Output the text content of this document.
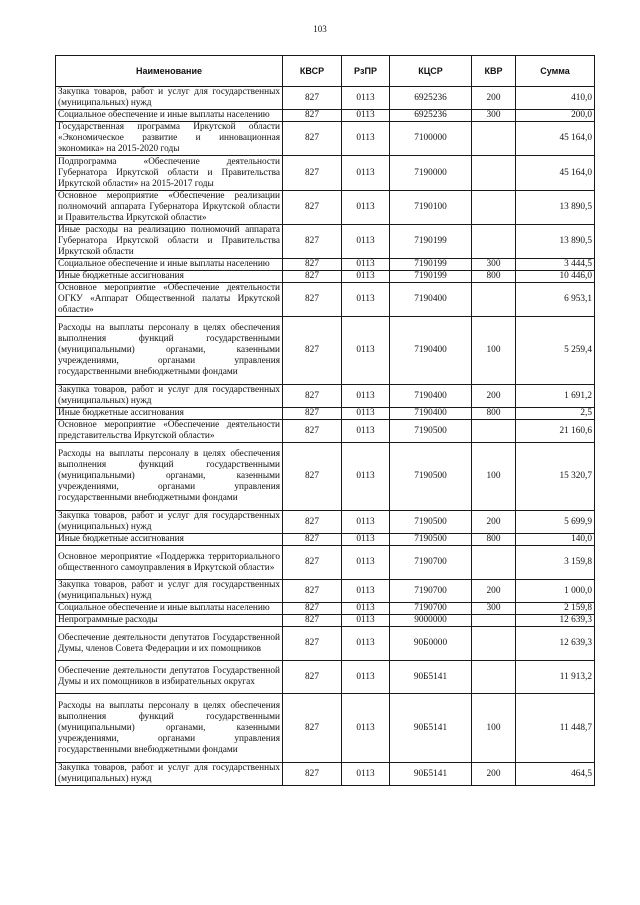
103
Наименование	КВСР	РзПР	КЦСР	КВР	Сумма
Закупка товаров, работ и услуг для государственных (муниципальных) нужд	827	0113	6925236	200	410,0
Социальное обеспечение и иные выплаты населению	827	0113	6925236	300	200,0
Государственная программа Иркутской области «Экономическое развитие и инновационная экономика» на 2015-2020 годы	827	0113	7100000		45 164,0
Подпрограмма «Обеспечение деятельности Губернатора Иркутской области и Правительства Иркутской области» на 2015-2017 годы	827	0113	7190000		45 164,0
Основное мероприятие «Обеспечение реализации полномочий аппарата Губернатора Иркутской области и Правительства Иркутской области»	827	0113	7190100		13 890,5
Иные расходы на реализацию полномочий аппарата Губернатора Иркутской области и Правительства Иркутской области	827	0113	7190199		13 890,5
Социальное обеспечение и иные выплаты населению	827	0113	7190199	300	3 444,5
Иные бюджетные ассигнования	827	0113	7190199	800	10 446,0
Основное мероприятие «Обеспечение деятельности ОГКУ «Аппарат Общественной палаты Иркутской области»	827	0113	7190400		6 953,1
Расходы на выплаты персоналу в целях обеспечения выполнения функций государственными (муниципальными) органами, казенными учреждениями, органами управления государственными внебюджетными фондами	827	0113	7190400	100	5 259,4
Закупка товаров, работ и услуг для государственных (муниципальных) нужд	827	0113	7190400	200	1 691,2
Иные бюджетные ассигнования	827	0113	7190400	800	2,5
Основное мероприятие «Обеспечение деятельности представительства Иркутской области»	827	0113	7190500		21 160,6
Расходы на выплаты персоналу в целях обеспечения выполнения функций государственными (муниципальными) органами, казенными учреждениями, органами управления государственными внебюджетными фондами	827	0113	7190500	100	15 320,7
Закупка товаров, работ и услуг для государственных (муниципальных) нужд	827	0113	7190500	200	5 699,9
Иные бюджетные ассигнования	827	0113	7190500	800	140,0
Основное мероприятие «Поддержка территориального общественного самоуправления в Иркутской области»	827	0113	7190700		3 159,8
Закупка товаров, работ и услуг для государственных (муниципальных) нужд	827	0113	7190700	200	1 000,0
Социальное обеспечение и иные выплаты населению	827	0113	7190700	300	2 159,8
Непрограммные расходы	827	0113	9000000		12 639,3
Обеспечение деятельности депутатов Государственной Думы, членов Совета Федерации и их помощников	827	0113	90Б0000		12 639,3
Обеспечение деятельности депутатов Государственной Думы и их помощников в избирательных округах	827	0113	90Б5141		11 913,2
Расходы на выплаты персоналу в целях обеспечения выполнения функций государственными (муниципальными) органами, казенными учреждениями, органами управления государственными внебюджетными фондами	827	0113	90Б5141	100	11 448,7
Закупка товаров, работ и услуг для государственных (муниципальных) нужд	827	0113	90Б5141	200	464,5
